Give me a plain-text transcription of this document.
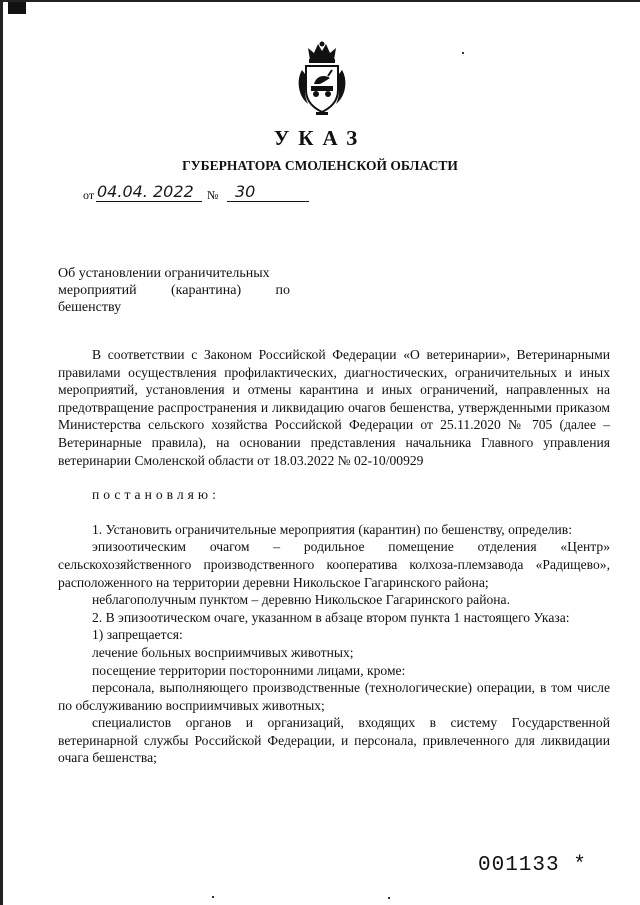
УКАЗ
ГУБЕРНАТОРА СМОЛЕНСКОЙ ОБЛАСТИ
от 04.04. 2022 № 30
Об установлении ограничительных
мероприятий (карантина) по
бешенству

В соответствии с Законом Российской Федерации «О ветеринарии», Ветеринарными правилами осуществления профилактических, диагностических, ограничительных и иных мероприятий, установления и отмены карантина и иных ограничений, направленных на предотвращение распространения и ликвидацию очагов бешенства, утвержденными приказом Министерства сельского хозяйства Российской Федерации от 25.11.2020 № 705 (далее – Ветеринарные правила), на основании представления начальника Главного управления ветеринарии Смоленской области от 18.03.2022 № 02-10/00929

постановляю:

1. Установить ограничительные мероприятия (карантин) по бешенству, определив:

эпизоотическим очагом – родильное помещение отделения «Центр» сельскохозяйственного производственного кооператива колхоза-племзавода «Радищево», расположенного на территории деревни Никольское Гагаринского района;

неблагополучным пунктом – деревню Никольское Гагаринского района.

2. В эпизоотическом очаге, указанном в абзаце втором пункта 1 настоящего Указа:

1) запрещается:

лечение больных восприимчивых животных;

посещение территории посторонними лицами, кроме:

персонала, выполняющего производственные (технологические) операции, в том числе по обслуживанию восприимчивых животных;

специалистов органов и организаций, входящих в систему Государственной ветеринарной службы Российской Федерации, и персонала, привлеченного для ликвидации очага бешенства;

001133 *
